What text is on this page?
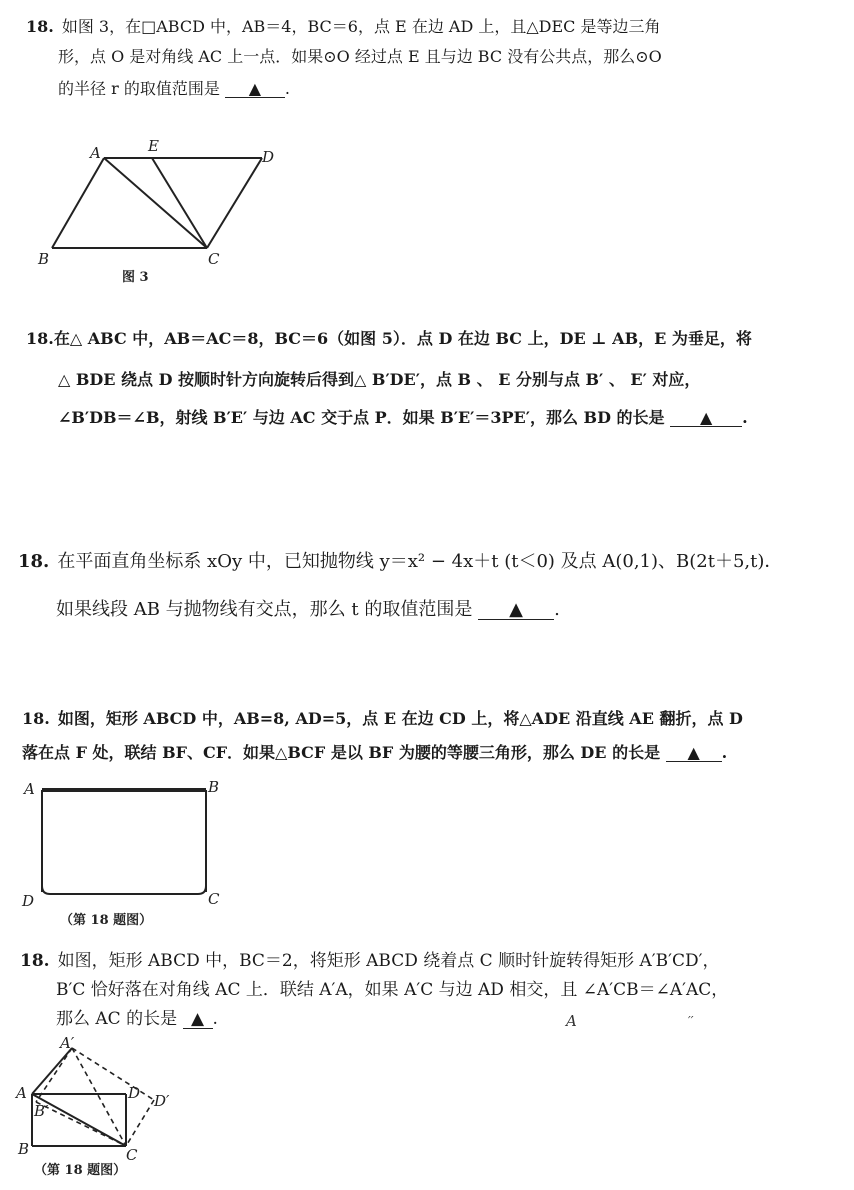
18. 如图 3，在□ABCD 中，AB＝4，BC＝6，点 E 在边 AD 上，且△DEC 是等边三角
形，点 O 是对角线 AC 上一点．如果⊙O 经过点 E 且与边 BC 没有公共点，那么⊙O
的半径 r 的取值范围是 ▲ .
A	E
D
B	C
图 3
18.在△ ABC 中，AB＝AC＝8，BC＝6（如图 5）．点 D 在边 BC 上，DE ⊥ AB，E 为垂足，将
△ BDE 绕点 D 按顺时针方向旋转后得到△ B′DE′，点 B 、 E 分别与点 B′ 、 E′ 对应，
∠B′DB＝∠B，射线 B′E′ 与边 AC 交于点 P．如果 B′E′＝3PE′，那么 BD 的长是 ▲ .
18. 在平面直角坐标系 xOy 中，已知抛物线 y＝x² − 4x＋t (t＜0) 及点 A(0,1)、B(2t＋5,t)．
如果线段 AB 与抛物线有交点，那么 t 的取值范围是 ▲ .
18. 如图，矩形 ABCD 中，AB=8, AD=5，点 E 在边 CD 上，将△ADE 沿直线 AE 翻折，点 D
落在点 F 处，联结 BF、CF．如果△BCF 是以 BF 为腰的等腰三角形，那么 DE 的长是 ▲ .
A	B
D	C
（第 18 题图）
18. 如图，矩形 ABCD 中，BC＝2，将矩形 ABCD 绕着点 C 顺时针旋转得矩形 A′B′CD′，
B′C 恰好落在对角线 AC 上．联结 A′A，如果 A′C 与边 AD 相交，且 ∠A′CB＝∠A′AC，
那么 AC 的长是 ▲ .	A	′′
A′
A
B′
D D′
B	C
（第 18 题图）
